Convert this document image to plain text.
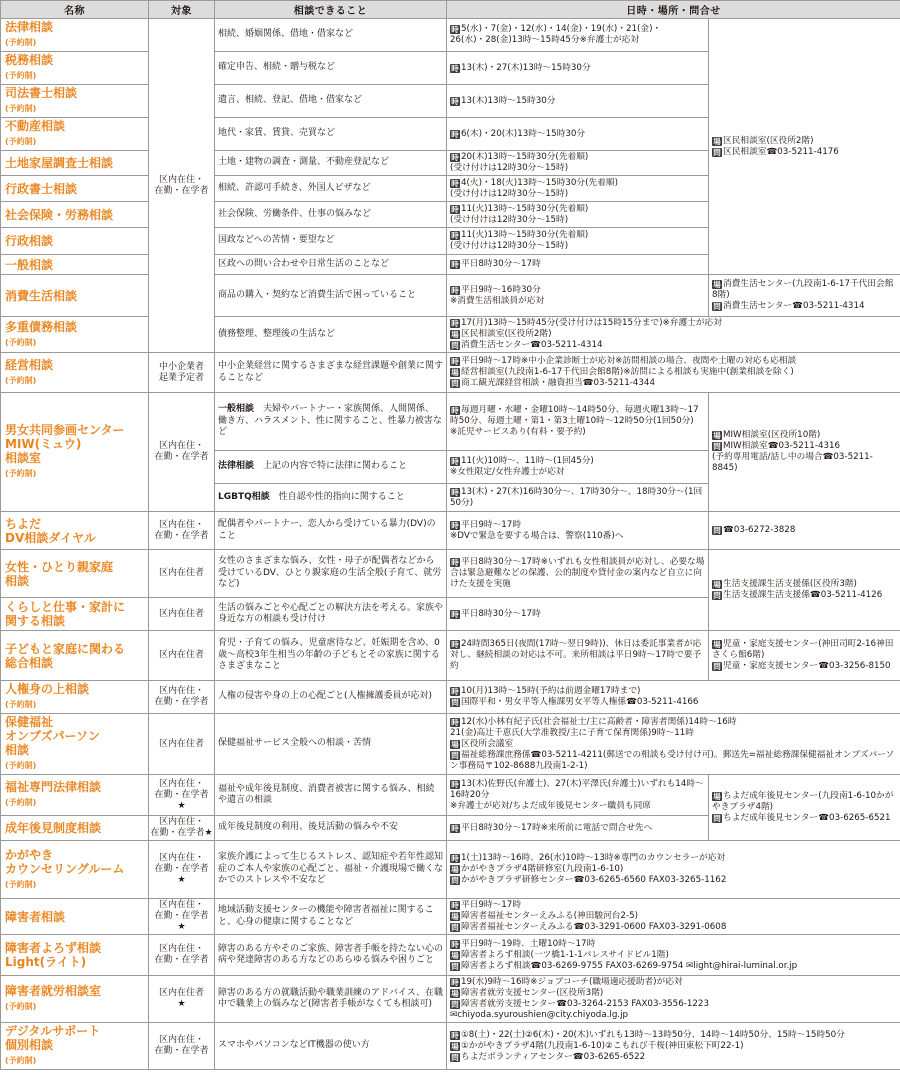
名称	対象	相談できること	日時・場所・問合せ	

法律相談
(予約制)	区内在住・
在勤・在学者	相続、婚姻関係、借地・借家など	時 5(水)・7(金)・12(水)・14(金)・19(水)・21(金)・
26(水)・28(金)13時〜15時45分※弁護士が応対	場 区民相談室(区役所2階)
問 区民相談室☎03-5211-4176

税務相談
(予約制)		確定申告、相続・贈与税など	時 13(木)・27(木)13時〜15時30分	

司法書士相談
(予約制)		遺言、相続、登記、借地・借家など	時 13(木)13時〜15時30分	

不動産相談
(予約制)		地代・家賃、賃貸、売買など	時 6(木)・20(木)13時〜15時30分	

土地家屋調査士相談		土地・建物の調査・測量、不動産登記など	時 20(木)13時〜15時30分(先着順)
(受け付けは12時30分〜15時)	

行政書士相談		相続、許認可手続き、外国人ビザなど	時 4(火)・18(火)13時〜15時30分(先着順)
(受け付けは12時30分〜15時)	

社会保険・労務相談		社会保険、労働条件、仕事の悩みなど	時 11(火)13時〜15時30分(先着順)
(受け付けは12時30分〜15時)	

行政相談		国政などへの苦情・要望など	時 11(火)13時〜15時30分(先着順)
(受け付けは12時30分〜15時)	

一般相談		区政への問い合わせや日常生活のことなど	時 平日8時30分〜17時	

消費生活相談		商品の購入・契約など消費生活で困っていること	時 平日9時〜16時30分
※消費生活相談員が応対	場 消費生活センター(九段南1-6-17千代田会館8階)
問 消費生活センター☎03-5211-4314

多重債務相談
(予約制)		債務整理、整理後の生活など	時 17(月)13時〜15時45分(受け付けは15時15分まで)※弁護士が応対
場 区民相談室(区役所2階)　
問 消費生活センター☎03-5211-4314	

経営相談
(予約制)	中小企業者
起業予定者	中小企業経営に関するさまざまな経営課題や創業に関することなど	時 平日9時〜17時※中小企業診断士が応対※訪問相談の場合、夜間や土曜の対応も応相談
場 経営相談室(九段南1-6-17千代田会館8階)※訪問による相談も実施中(創業相談を除く)
問 商工観光課経営相談・融資担当☎03-5211-4344	

男女共同参画センター
MIW(ミュウ)
相談室
(予約制)	区内在住・
在勤・在学者	一般相談　夫婦やパートナー・家族関係、人間関係、働き方、ハラスメント、性に関すること、性暴力被害など	時 毎週月曜・水曜・金曜10時〜14時50分、毎週火曜13時〜17時50分、毎週土曜・第1・第3土曜10時〜12時50分(1回50分)
※託児サービスあり(有料・要予約)	場 MIW相談室(区役所10階)
問 MIW相談室☎03-5211-4316
(予約専用電話/話し中の場合☎03-5211-8845)

		法律相談　上記の内容で特に法律に関わること	時 11(火)10時〜、11時〜(1回45分)
※女性限定/女性弁護士が応対	

		LGBTQ相談　性自認や性的指向に関すること	時 13(木)・27(木)16時30分〜、17時30分〜、18時30分〜(1回50分)	

ちよだ
DV相談ダイヤル	区内在住・
在勤・在学者	配偶者やパートナー、恋人から受けている暴力(DV)のこと	時 平日9時〜17時
※DVで緊急を要する場合は、警察(110番)へ	問 ☎03-6272-3828

女性・ひとり親家庭
相談	区内在住者	女性のさまざまな悩み、女性・母子が配偶者などから受けているDV、ひとり親家庭の生活全般(子育て、就労など)	時 平日8時30分〜17時※いずれも女性相談員が応対し、必要な場合は緊急避難などの保護、公的制度や貸付金の案内など自立に向けた支援を実施	場 生活支援課生活支援係(区役所3階)
問 生活支援課生活支援係☎03-5211-4126

くらしと仕事・家計に
関する相談	区内在住者	生活の悩みごとや心配ごとの解決方法を考える。家族や身近な方の相談も受け付け	時 平日8時30分〜17時	

子どもと家庭に関わる
総合相談	区内在住者	育児・子育ての悩み、児童虐待など、妊娠期を含め、0歳〜高校3年生相当の年齢の子どもとその家族に関するさまざまなこと	時 24時間365日(夜間(17時〜翌日9時))、休日は委託事業者が応対し、継続相談の対応は不可。来所相談は平日9時〜17時で要予約	場 児童・家庭支援センター(神田司町2-16神田さくら館6階)
問 児童・家庭支援センター☎03-3256-8150

人権身の上相談
(予約制)	区内在住・
在勤・在学者	人権の侵害や身の上の心配ごと(人権擁護委員が応対)	時 10(月)13時〜15時(予約は前週金曜17時まで)
問 国際平和・男女平等人権課男女平等人権係☎03-5211-4166	

保健福祉
オンブズパーソン
相談
(予約制)	区内在住者	保健福祉サービス全般への相談・苦情	時 12(水)小林有紀子氏(社会福祉士/主に高齢者・障害者関係)14時〜16時
21(金)高辻千恵氏(大学准教授/主に子育て保育関係)9時〜11時
場 区役所会議室　
問 福祉総務課庶務係☎03-5211-4211(郵送での相談も受け付け可)。郵送先=福祉総務課保健福祉オンブズパーソン事務局〒102-8688九段南1-2-1)	

福祉専門法律相談
(予約制)	区内在住・
在勤・在学者
★	福祉や成年後見制度、消費者被害に関する悩み、相続や遺言の相談	時 13(木)佐野氏(弁護士)、27(木)平澤氏(弁護士)いずれも14時〜16時20分
※弁護士が応対/ちよだ成年後見センター職員も同席	場 ちよだ成年後見センター(九段南1-6-10かがやきプラザ4階)
問 ちよだ成年後見センター☎03-6265-6521

成年後見制度相談	区内在住・
在勤・在学者★	成年後見制度の利用、後見活動の悩みや不安	時 平日8時30分〜17時※来所前に電話で問合せ先へ	

かがやき
カウンセリングルーム
(予約制)	区内在住・
在勤・在学者
★	家族介護によって生じるストレス、認知症や若年性認知症のご本人や家族の心配ごと、福祉・介護現場で働くなかでのストレスや不安など	時 1(土)13時〜16時、26(水)10時〜13時※専門のカウンセラーが応対
場 かがやきプラザ4階研修室(九段南1-6-10)
問 かがやきプラザ研修センター☎03-6265-6560 FAX03-3265-1162	

障害者相談	区内在住・
在勤・在学者
★	地域活動支援センターの機能や障害者福祉に関すること、心身の健康に関することなど	時 平日9時〜17時　
場 障害者福祉センターえみふる(神田駿河台2-5)
問 障害者福祉センターえみふる☎03-3291-0600 FAX03-3291-0608	

障害者よろず相談
Light(ライト)	区内在住・
在勤・在学者	障害のある方やそのご家族、障害者手帳を持たない心の病や発達障害のある方などのあらゆる悩みや困りごと	時 平日9時〜19時、土曜10時〜17時
場 障害者よろず相談(一ツ橋1-1-1パレスサイドビル1階)
問 障害者よろず相談☎03-6269-9755 FAX03-6269-9754 ✉light@hirai-luminal.or.jp	

障害者就労相談室
(予約制)	区内在住者
★	障害のある方の就職活動や職業訓練のアドバイス、在職中で職業上の悩みなど(障害者手帳がなくても相談可)	時 19(水)9時〜16時※ジョブコーチ(職場適応援助者)が応対
場 障害者就労支援センター(区役所3階)
問 障害者就労支援センター☎03-3264-2153 FAX03-3556-1223
✉chiyoda.syuroushien@city.chiyoda.lg.jp	

デジタルサポート
個別相談
(予約制)	区内在住・
在勤・在学者	スマホやパソコンなどIT機器の使い方	時 ①8(土)・22(土)②6(木)・20(木)いずれも13時〜13時50分、14時〜14時50分、15時〜15時50分　
場 ①かがやきプラザ4階(九段南1-6-10)②こもれび千桜(神田東松下町22-1)
問 ちよだボランティアセンター☎03-6265-6522	
